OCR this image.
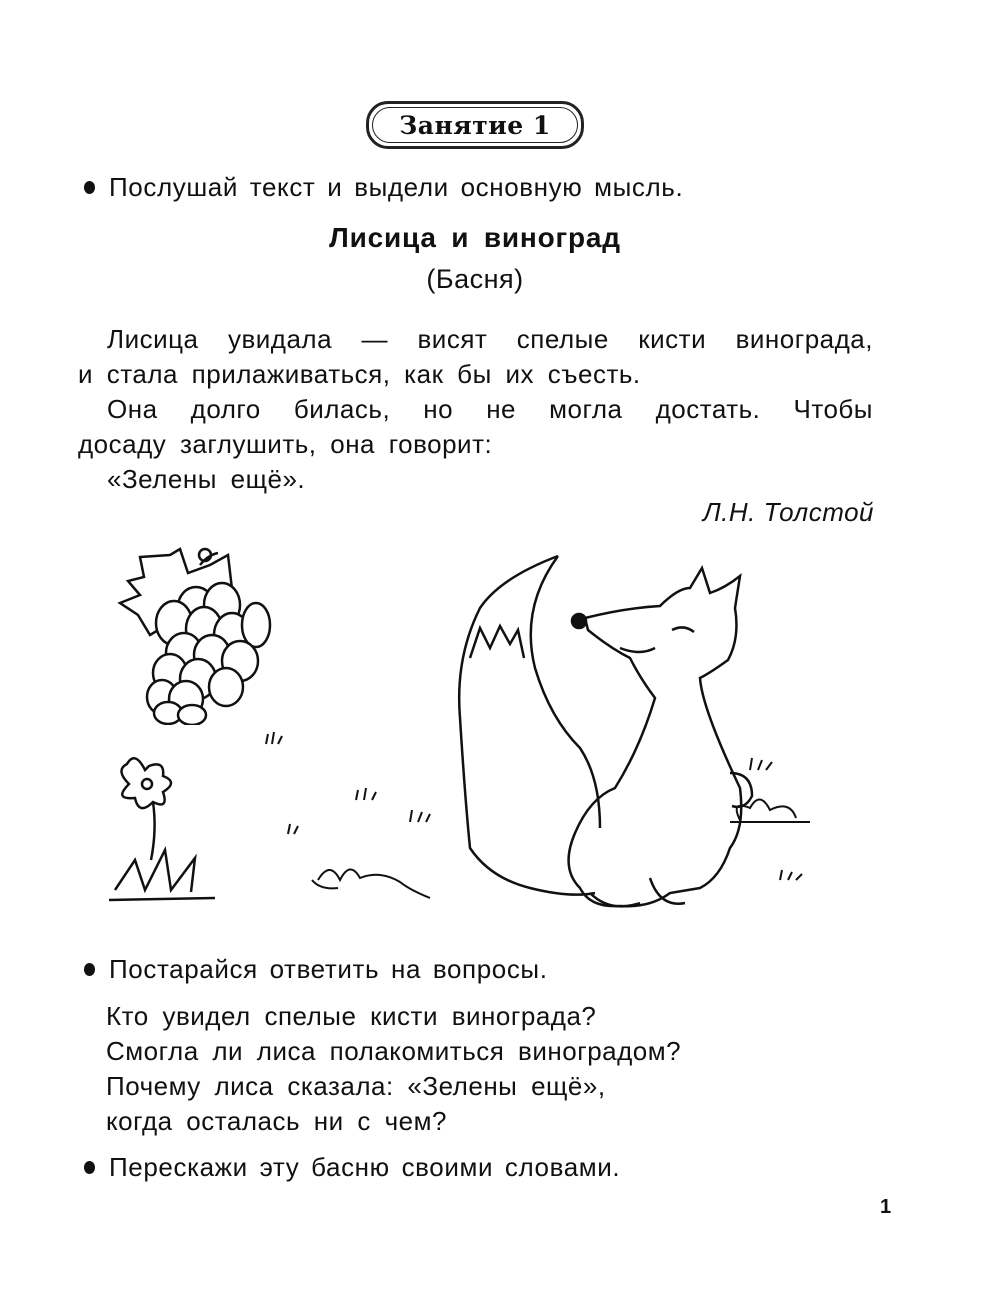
Занятие 1
Послушай текст и выдели основную мысль.
Лисица и виноград
(Басня)
Лисица увидала — висят спелые кисти винограда,
и стала прилаживаться, как бы их съесть.
Она долго билась, но не могла достать. Чтобы
досаду заглушить, она говорит:
«Зелены ещё».
Л.Н. Толстой
Постарайся ответить на вопросы.
Кто увидел спелые кисти винограда?
Смогла ли лиса полакомиться виноградом?
Почему лиса сказала: «Зелены ещё»,
когда осталась ни с чем?
Перескажи эту басню своими словами.
1
